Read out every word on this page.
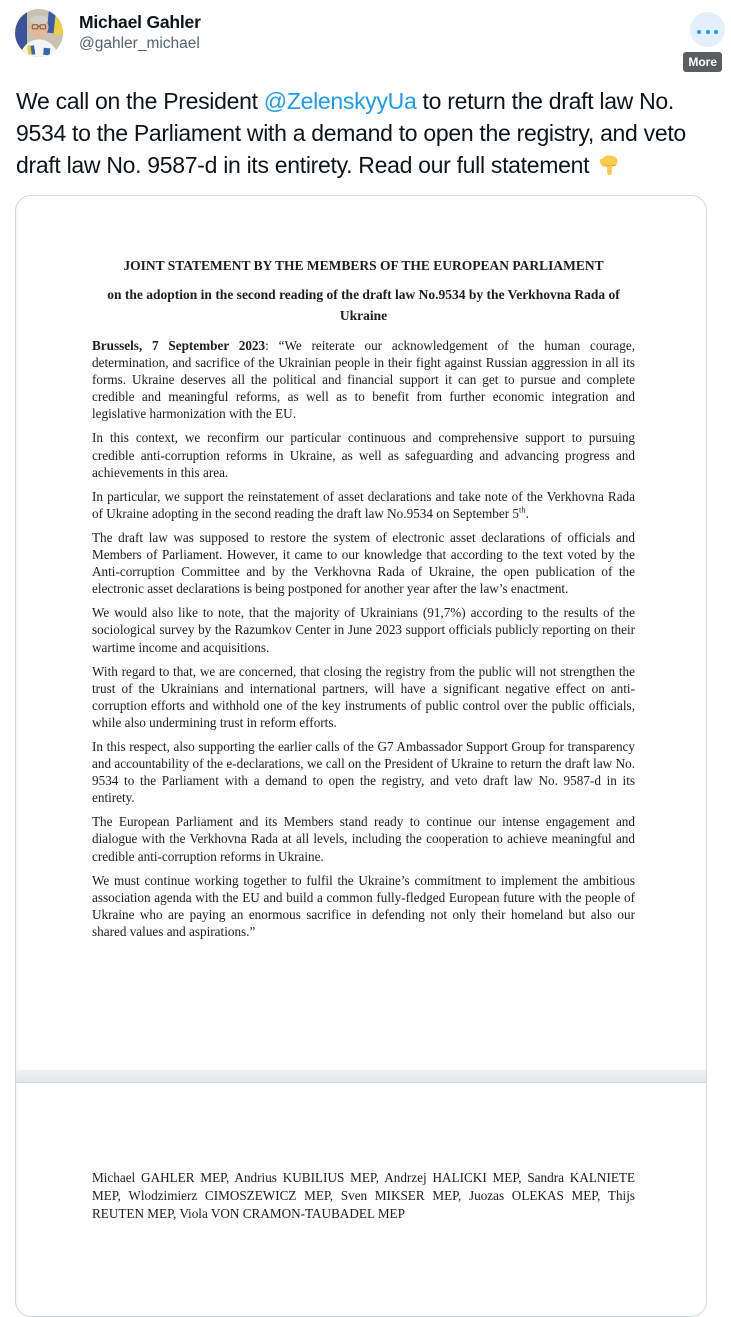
Michael Gahler
@gahler_michael
More
We call on the President @ZelenskyyUa to return the draft law No. 9534 to the Parliament with a demand to open the registry, and veto draft law No. 9587-d in its entirety. Read our full statement
JOINT STATEMENT BY THE MEMBERS OF THE EUROPEAN PARLIAMENT
on the adoption in the second reading of the draft law No.9534 by the Verkhovna Rada of Ukraine

Brussels, 7 September 2023: “We reiterate our acknowledgement of the human courage, determination, and sacrifice of the Ukrainian people in their fight against Russian aggression in all its forms. Ukraine deserves all the political and financial support it can get to pursue and complete credible and meaningful reforms, as well as to benefit from further economic integration and legislative harmonization with the EU.

In this context, we reconfirm our particular continuous and comprehensive support to pursuing credible anti-corruption reforms in Ukraine, as well as safeguarding and advancing progress and achievements in this area.

In particular, we support the reinstatement of asset declarations and take note of the Verkhovna Rada of Ukraine adopting in the second reading the draft law No.9534 on September 5th.

The draft law was supposed to restore the system of electronic asset declarations of officials and Members of Parliament. However, it came to our knowledge that according to the text voted by the Anti-corruption Committee and by the Verkhovna Rada of Ukraine, the open publication of the electronic asset declarations is being postponed for another year after the law’s enactment.

We would also like to note, that the majority of Ukrainians (91,7%) according to the results of the sociological survey by the Razumkov Center in June 2023 support officials publicly reporting on their wartime income and acquisitions.

With regard to that, we are concerned, that closing the registry from the public will not strengthen the trust of the Ukrainians and international partners, will have a significant negative effect on anti-corruption efforts and withhold one of the key instruments of public control over the public officials, while also undermining trust in reform efforts.

In this respect, also supporting the earlier calls of the G7 Ambassador Support Group for transparency and accountability of the e-declarations, we call on the President of Ukraine to return the draft law No. 9534 to the Parliament with a demand to open the registry, and veto draft law No. 9587-d in its entirety.

The European Parliament and its Members stand ready to continue our intense engagement and dialogue with the Verkhovna Rada at all levels, including the cooperation to achieve meaningful and credible anti-corruption reforms in Ukraine.

We must continue working together to fulfil the Ukraine’s commitment to implement the ambitious association agenda with the EU and build a common fully-fledged European future with the people of Ukraine who are paying an enormous sacrifice in defending not only their homeland but also our shared values and aspirations.”

Michael GAHLER MEP, Andrius KUBILIUS MEP, Andrzej HALICKI MEP, Sandra KALNIETE MEP, Wlodzimierz CIMOSZEWICZ MEP, Sven MIKSER MEP, Juozas OLEKAS MEP, Thijs REUTEN MEP, Viola VON CRAMON-TAUBADEL MEP
